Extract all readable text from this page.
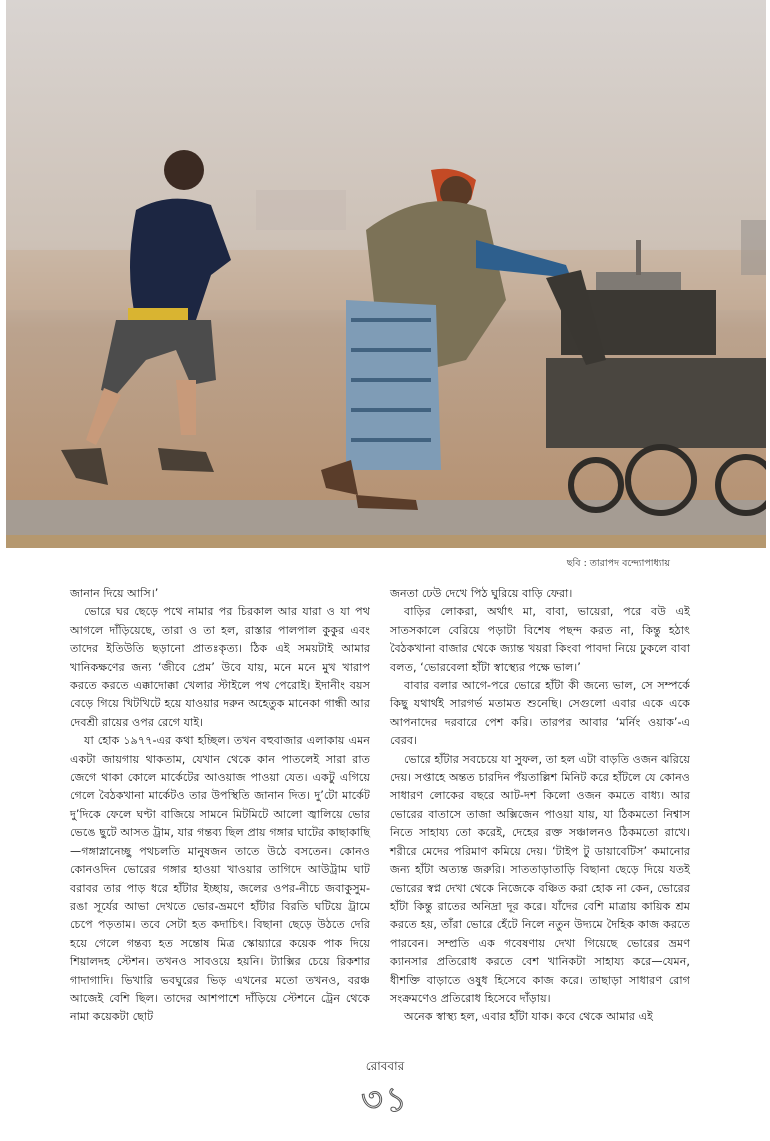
ছবি : তারাপদ বন্দ্যোপাধ্যায়

জানান দিয়ে আসি।’

ভোরে ঘর ছেড়ে পথে নামার পর চিরকাল আর যারা ও যা পথ আগলে দাঁড়িয়েছে, তারা ও তা হল, রাস্তার পালপাল কুকুর এবং তাদের ইতিউতি ছড়ানো প্রাতঃকৃত্য। ঠিক এই সময়টাই আমার খানিকক্ষণের জন্য ‘জীবে প্রেম’ উবে যায়, মনে মনে মুখ খারাপ করতে করতে এক্কাদোক্কা খেলার স্টাইলে পথ পেরোই। ইদানীং বয়স বেড়ে গিয়ে খিটখিটে হয়ে যাওয়ার দরুন অহেতুক মানেকা গান্ধী আর দেবশ্রী রায়ের ওপর রেগে যাই।

যা হোক ১৯৭৭-এর কথা হচ্ছিল। তখন বহুবাজার এলাকায় এমন একটা জায়গায় থাকতাম, যেখান থেকে কান পাতলেই সারা রাত জেগে থাকা কোলে মার্কেটের আওয়াজ পাওয়া যেত। একটু এগিয়ে গেলে বৈঠকখানা মার্কেটও তার উপস্থিতি জানান দিত। দু’টো মার্কেট দু’দিকে ফেলে ঘণ্টা বাজিয়ে সামনে মিটমিটে আলো জ্বালিয়ে ভোর ভেঙে ছুটে আসত ট্রাম, যার গন্তব্য ছিল প্রায় গঙ্গার ঘাটের কাছাকাছি—গঙ্গাস্নানেচ্ছু পথচলতি মানুষজন তাতে উঠে বসতেন। কোনও কোনওদিন ভোরের গঙ্গার হাওয়া খাওয়ার তাগিদে আউট্রাম ঘাট বরাবর তার পাড় ধরে হাঁটার ইচ্ছায়, জলের ওপর-নীচে জবাকুসুম-রঙা সূর্যের আভা দেখতে ভোর-ভ্রমণে হাঁটার বিরতি ঘটিয়ে ট্রামে চেপে পড়তাম। তবে সেটা হত কদাচিৎ। বিছানা ছেড়ে উঠতে দেরি হয়ে গেলে গন্তব্য হত সন্তোষ মিত্র স্কোয়্যারে কয়েক পাক দিয়ে শিয়ালদহ স্টেশন। তখনও সাবওয়ে হয়নি। ট্যাক্সির চেয়ে রিকশার গাদাগাদি। ভিখারি ভবঘুরের ভিড় এখনের মতো তখনও, বরঞ্চ আজেই বেশি ছিল। তাদের আশপাশে দাঁড়িয়ে স্টেশনে ট্রেন থেকে নামা কয়েকটা ছোট

জনতা ঢেউ দেখে পিঠ ঘুরিয়ে বাড়ি ফেরা।

বাড়ির লোকরা, অর্থাৎ মা, বাবা, ভায়েরা, পরে বউ এই সাতসকালে বেরিয়ে পড়াটা বিশেষ পছন্দ করত না, কিন্তু হঠাৎ বৈঠকখানা বাজার থেকে জ্যান্ত খয়রা কিংবা পাবদা নিয়ে ঢুকলে বাবা বলত, ‘ভোরবেলা হাঁটা স্বাস্থ্যের পক্ষে ভাল।’

বাবার বলার আগে-পরে ভোরে হাঁটা কী জন্যে ভাল, সে সম্পর্কে কিছু যথার্থই সারগর্ভ মতামত শুনেছি। সেগুলো এবার একে একে আপনাদের দরবারে পেশ করি। তারপর আবার ‘মর্নিং ওয়াক’-এ বেরব।

ভোরে হাঁটার সবচেয়ে যা সুফল, তা হল এটা বাড়তি ওজন ঝরিয়ে দেয়। সপ্তাহে অন্তত চারদিন পঁয়তাল্লিশ মিনিট করে হাঁটলে যে কোনও সাধারণ লোকের বছরে আট-দশ কিলো ওজন কমতে বাধ্য। আর ভোরের বাতাসে তাজা অক্সিজেন পাওয়া যায়, যা ঠিকমতো নিশ্বাস নিতে সাহায্য তো করেই, দেহের রক্ত সঞ্চালনও ঠিকমতো রাখে। শরীরে মেদের পরিমাণ কমিয়ে দেয়। ‘টাইপ টু ডায়াবেটিস’ কমানোর জন্য হাঁটা অত্যন্ত জরুরি। সাততাড়াতাড়ি বিছানা ছেড়ে দিয়ে যতই ভোরের স্বপ্ন দেখা থেকে নিজেকে বঞ্চিত করা হোক না কেন, ভোরের হাঁটা কিন্তু রাতের অনিদ্রা দূর করে। যাঁদের বেশি মাত্রায় কায়িক শ্রম করতে হয়, তাঁরা ভোরে হেঁটে নিলে নতুন উদ্যমে দৈহিক কাজ করতে পারবেন। সম্প্রতি এক গবেষণায় দেখা গিয়েছে ভোরের ভ্রমণ ক্যানসার প্রতিরোধ করতে বেশ খানিকটা সাহায্য করে—যেমন, ধীশক্তি বাড়াতে ওষুধ হিসেবে কাজ করে। তাছাড়া সাধারণ রোগ সংক্রমণেও প্রতিরোধ হিসেবে দাঁড়ায়।

অনেক স্বাস্থ্য হল, এবার হাঁটা যাক। কবে থেকে আমার এই

রোববার
৩১
